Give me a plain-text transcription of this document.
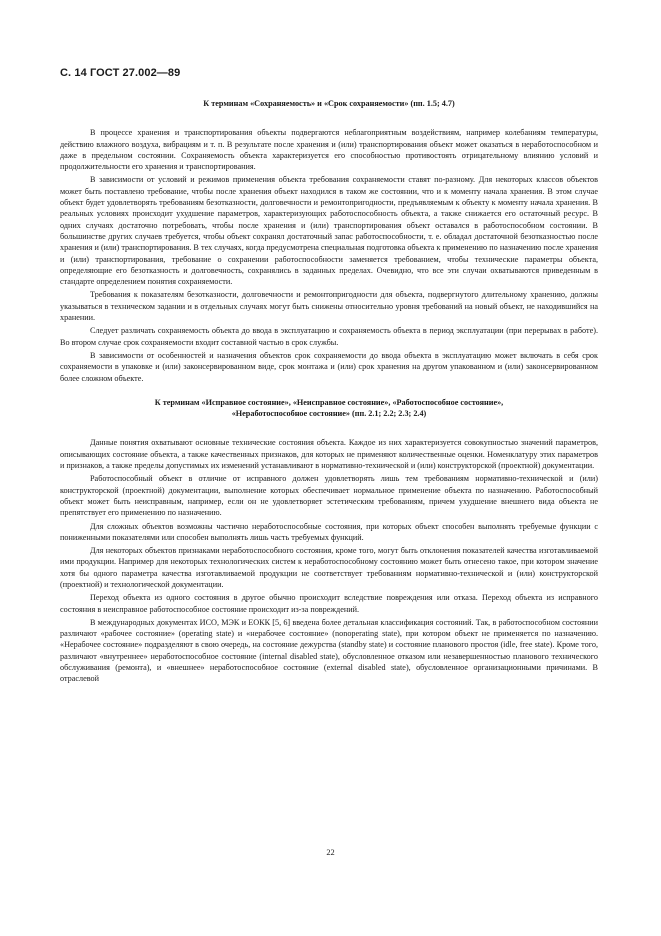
С. 14 ГОСТ 27.002—89
К терминам «Сохраняемость» и «Срок сохраняемости» (пп. 1.5; 4.7)

В процессе хранения и транспортирования объекты подвергаются неблагоприятным воздействиям, например колебаниям температуры, действию влажного воздуха, вибрациям и т. п. В результате после хранения и (или) транспортирования объект может оказаться в неработоспособном и даже в предельном состоянии. Сохраняемость объекта характеризуется его способностью противостоять отрицательному влиянию условий и продолжительности его хранения и транспортирования.

В зависимости от условий и режимов применения объекта требования сохраняемости ставят по-разному. Для некоторых классов объектов может быть поставлено требование, чтобы после хранения объект находился в таком же состоянии, что и к моменту начала хранения. В этом случае объект будет удовлетворять требованиям безотказности, долговечности и ремонтопригодности, предъявляемым к объекту к моменту начала хранения. В реальных условиях происходит ухудшение параметров, характеризующих работоспособность объекта, а также снижается его остаточный ресурс. В одних случаях достаточно потребовать, чтобы после хранения и (или) транспортирования объект оставался в работоспособном состоянии. В большинстве других случаев требуется, чтобы объект сохранял достаточный запас работоспособности, т. е. обладал достаточной безотказностью после хранения и (или) транспортирования. В тех случаях, когда предусмотрена специальная подготовка объекта к применению по назначению после хранения и (или) транспортирования, требование о сохранении работоспособности заменяется требованием, чтобы технические параметры объекта, определяющие его безотказность и долговечность, сохранялись в заданных пределах. Очевидно, что все эти случаи охватываются приведенным в стандарте определением понятия сохраняемости.

Требования к показателям безотказности, долговечности и ремонтопригодности для объекта, подвергнутого длительному хранению, должны указываться в техническом задании и в отдельных случаях могут быть снижены относительно уровня требований на новый объект, не находившийся на хранении.

Следует различать сохраняемость объекта до ввода в эксплуатацию и сохраняемость объекта в период эксплуатации (при перерывах в работе). Во втором случае срок сохраняемости входит составной частью в срок службы.

В зависимости от особенностей и назначения объектов срок сохраняемости до ввода объекта в эксплуатацию может включать в себя срок сохраняемости в упаковке и (или) законсервированном виде, срок монтажа и (или) срок хранения на другом упакованном и (или) законсервированном более сложном объекте.

К терминам «Исправное состояние», «Неисправное состояние», «Работоспособное состояние»,
«Неработоспособное состояние» (пп. 2.1; 2.2; 2.3; 2.4)

Данные понятия охватывают основные технические состояния объекта. Каждое из них характеризуется совокупностью значений параметров, описывающих состояние объекта, а также качественных признаков, для которых не применяют количественные оценки. Номенклатуру этих параметров и признаков, а также пределы допустимых их изменений устанавливают в нормативно-технической и (или) конструкторской (проектной) документации.

Работоспособный объект в отличие от исправного должен удовлетворять лишь тем требованиям нормативно-технической и (или) конструкторской (проектной) документации, выполнение которых обеспечивает нормальное применение объекта по назначению. Работоспособный объект может быть неисправным, например, если он не удовлетворяет эстетическим требованиям, причем ухудшение внешнего вида объекта не препятствует его применению по назначению.

Для сложных объектов возможны частично неработоспособные состояния, при которых объект способен выполнять требуемые функции с пониженными показателями или способен выполнять лишь часть требуемых функций.

Для некоторых объектов признаками неработоспособного состояния, кроме того, могут быть отклонения показателей качества изготавливаемой ими продукции. Например для некоторых технологических систем к неработоспособному состоянию может быть отнесено такое, при котором значение хотя бы одного параметра качества изготавливаемой продукции не соответствует требованиям нормативно-технической и (или) конструкторской (проектной) и технологической документации.

Переход объекта из одного состояния в другое обычно происходит вследствие повреждения или отказа. Переход объекта из исправного состояния в неисправное работоспособное состояние происходит из-за повреждений.

В международных документах ИСО, МЭК и ЕОКК [5, 6] введена более детальная классификация состояний. Так, в работоспособном состоянии различают «рабочее состояние» (operating state) и «нерабочее состояние» (nonoperating state), при котором объект не применяется по назначению. «Нерабочее состояние» подразделяют в свою очередь, на состояние дежурства (standby state) и состояние планового простоя (idle, free state). Кроме того, различают «внутреннее» неработоспособное состояние (internal disabled state), обусловленное отказом или незавершенностью планового технического обслуживания (ремонта), и «внешнее» неработоспособное состояние (external disabled state), обусловленное организационными причинами. В отраслевой

22
